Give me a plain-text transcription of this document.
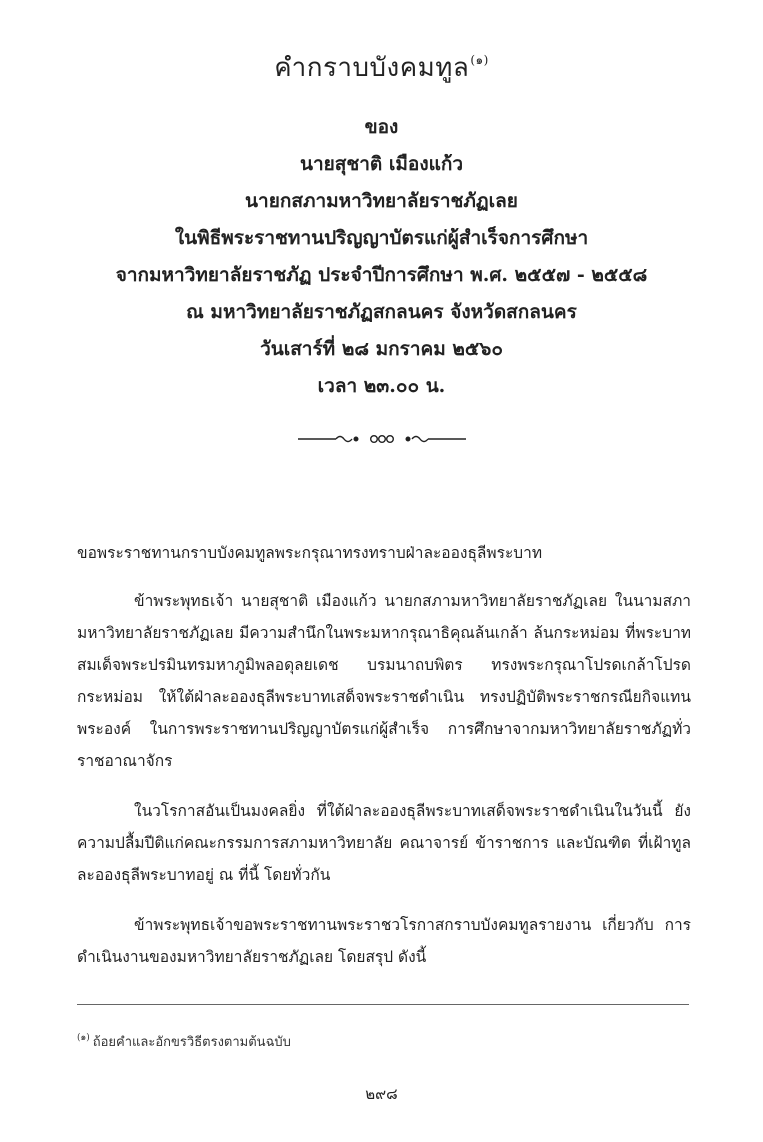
คำกราบบังคมทูล$^{(๑)}$
ของ
นายสุชาติ เมืองแก้ว
นายกสภามหาวิทยาลัยราชภัฏเลย
ในพิธีพระราชทานปริญญาบัตรแก่ผู้สำเร็จการศึกษา
จากมหาวิทยาลัยราชภัฏ ประจำปีการศึกษา พ.ศ. ๒๕๕๗ - ๒๕๕๘
ณ มหาวิทยาลัยราชภัฏสกลนคร จังหวัดสกลนคร
วันเสาร์ที่ ๒๘ มกราคม ๒๕๖๐
เวลา ๒๓.๐๐ น.
ขอพระราชทานกราบบังคมทูลพระกรุณาทรงทราบฝ่าละอองธุลีพระบาท
ข้าพระพุทธเจ้า นายสุชาติ เมืองแก้ว นายกสภามหาวิทยาลัยราชภัฏเลย ในนามสภามหาวิทยาลัยราชภัฏเลย มีความสำนึกในพระมหากรุณาธิคุณล้นเกล้า ล้นกระหม่อม ที่พระบาทสมเด็จพระปรมินทรมหาภูมิพลอดุลยเดช บรมนาถบพิตร ทรงพระกรุณาโปรดเกล้าโปรดกระหม่อม ให้ใต้ฝ่าละอองธุลีพระบาทเสด็จพระราชดำเนิน ทรงปฏิบัติพระราชกรณียกิจแทนพระองค์ ในการพระราชทานปริญญาบัตรแก่ผู้สำเร็จ การศึกษาจากมหาวิทยาลัยราชภัฏทั่วราชอาณาจักร
ในวโรกาสอันเป็นมงคลยิ่ง ที่ใต้ฝ่าละอองธุลีพระบาทเสด็จพระราชดำเนินในวันนี้ ยังความปลื้มปีติแก่คณะกรรมการสภามหาวิทยาลัย คณาจารย์ ข้าราชการ และบัณฑิต ที่เฝ้าทูลละอองธุลีพระบาทอยู่ ณ ที่นี้ โดยทั่วกัน
ข้าพระพุทธเจ้าขอพระราชทานพระราชวโรกาสกราบบังคมทูลรายงาน เกี่ยวกับ การดำเนินงานของมหาวิทยาลัยราชภัฏเลย โดยสรุป ดังนี้
$^{(๑)}$ ถ้อยคำและอักขรวิธีตรงตามต้นฉบับ
๒๙๘
